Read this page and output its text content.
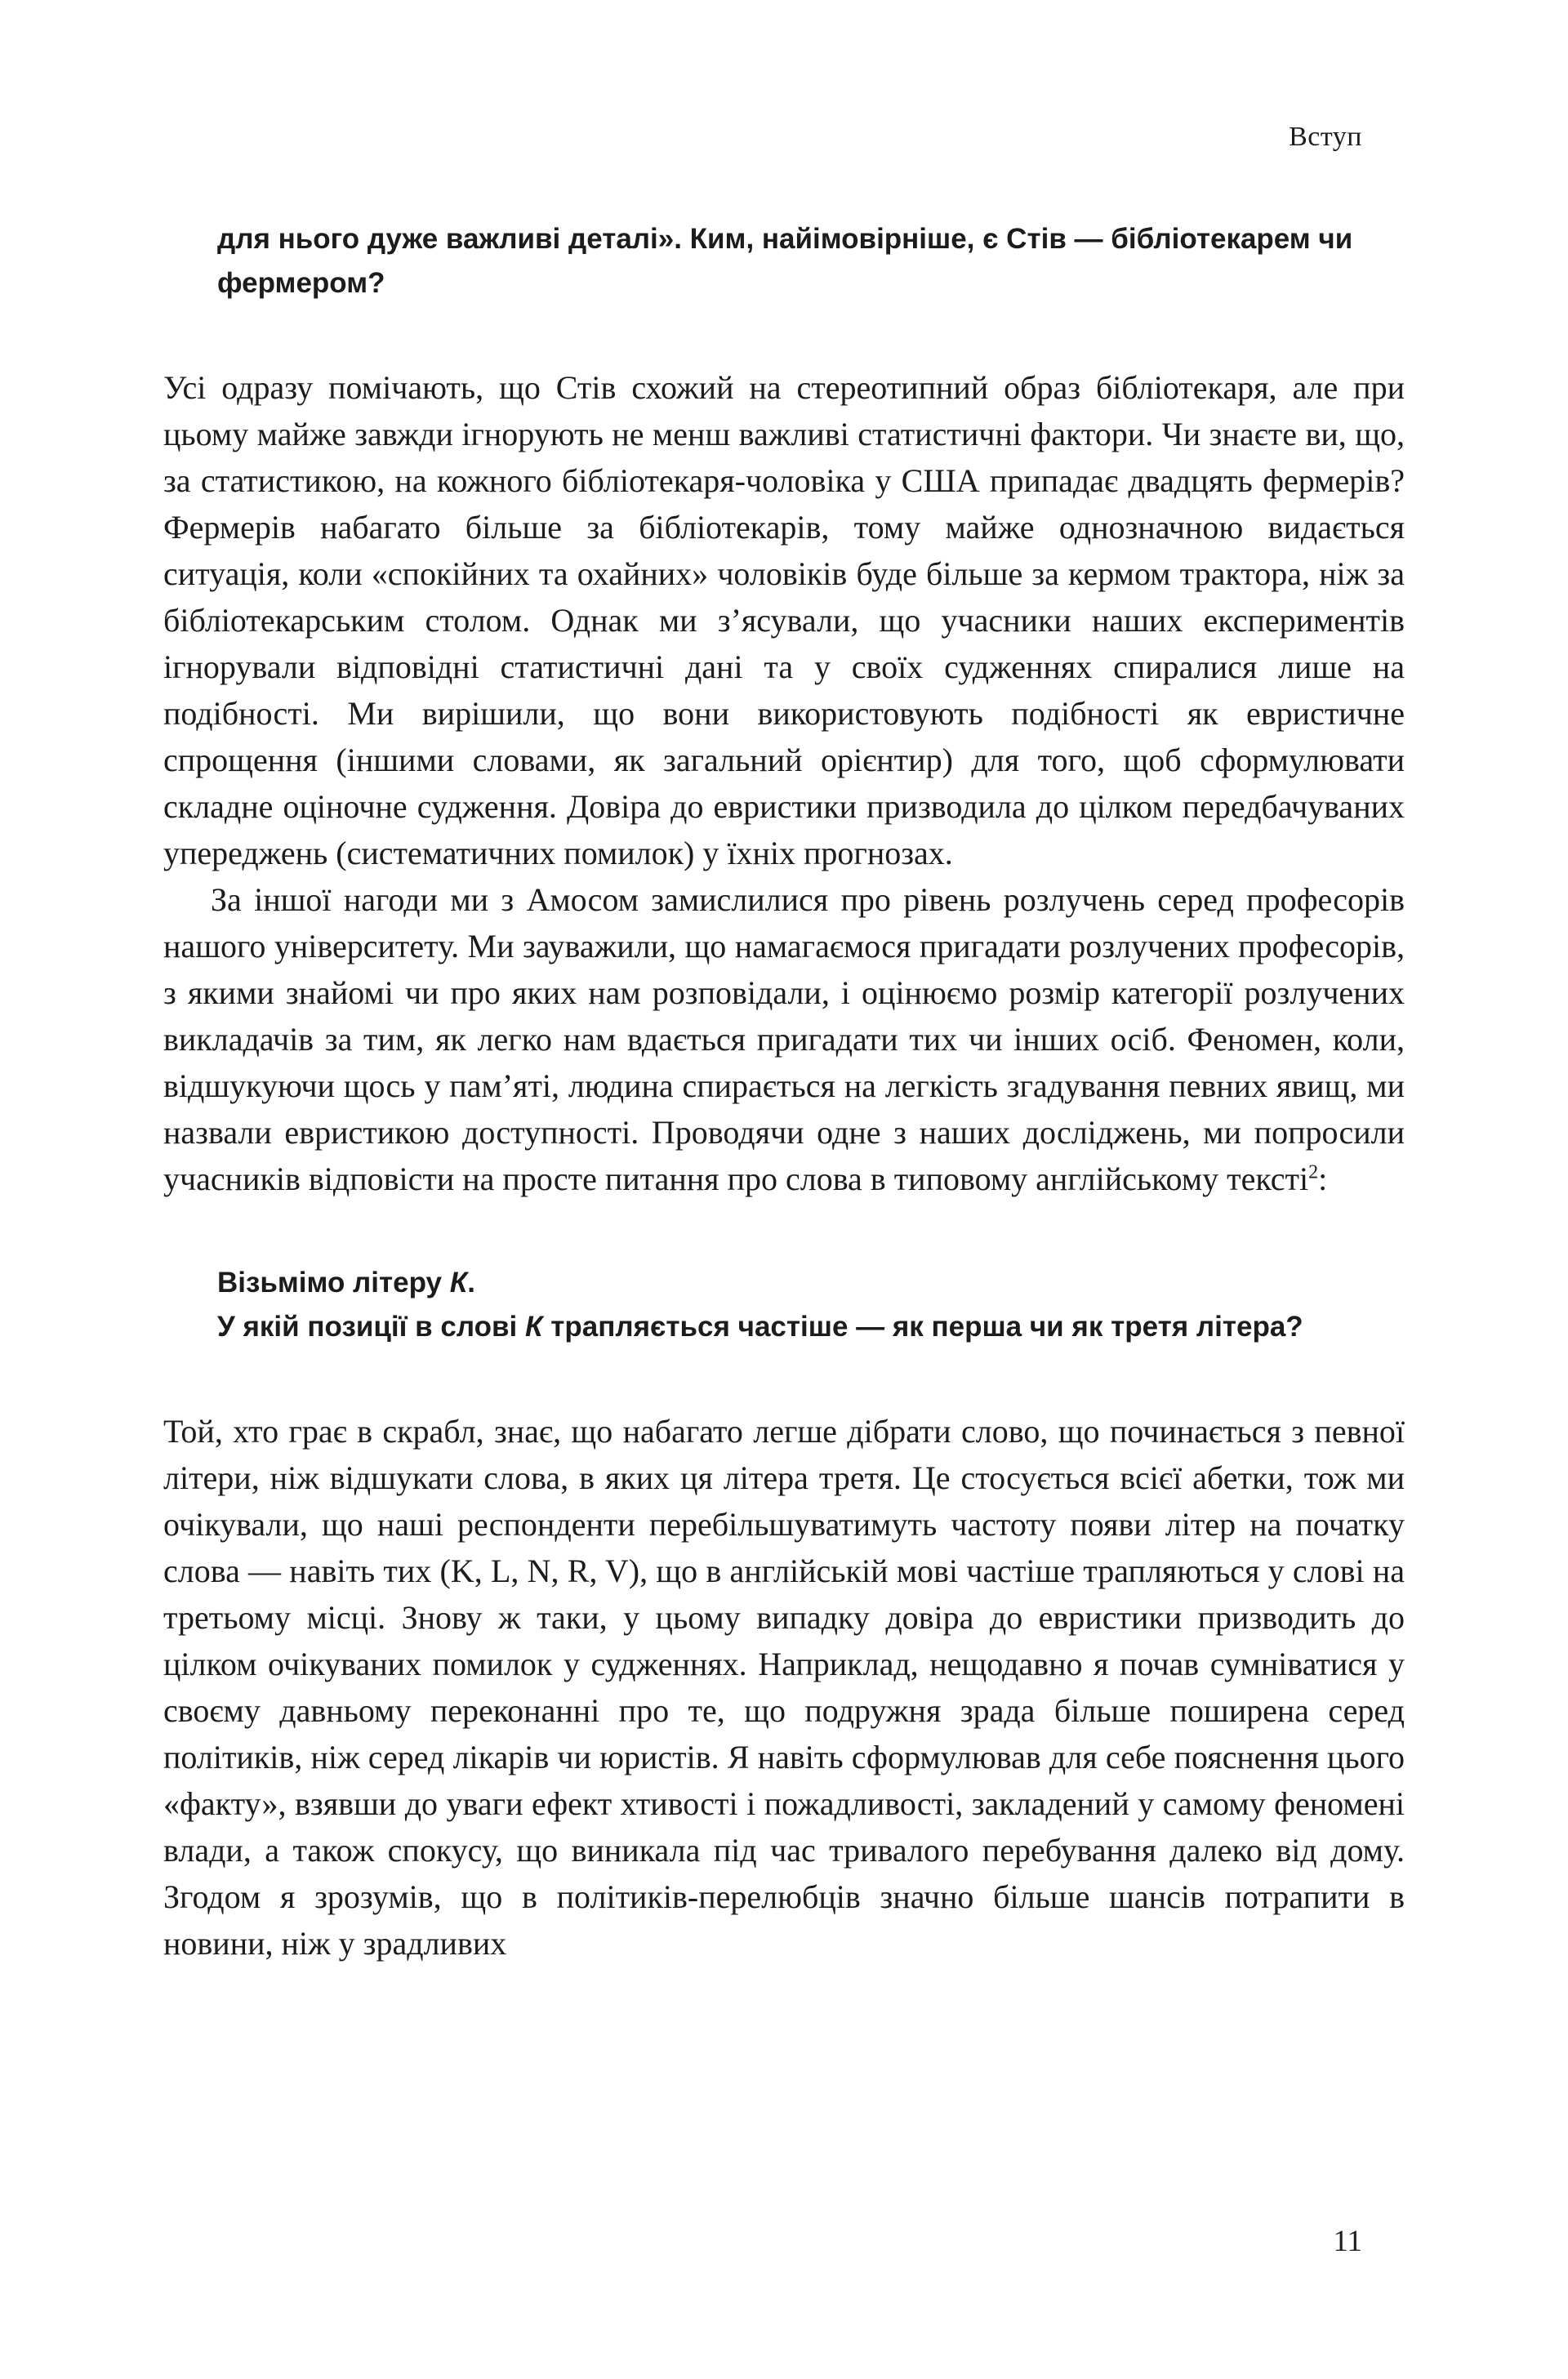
Вступ
для нього дуже важливі деталі». Ким, найімовірніше, є Стів — бібліотекарем чи фермером?

Усі одразу помічають, що Стів схожий на стереотипний образ бібліотекаря, але при цьому майже завжди ігнорують не менш важливі статистичні фактори. Чи знаєте ви, що, за статистикою, на кожного бібліотекаря-чоловіка у США припадає двадцять фермерів? Фермерів набагато більше за бібліотекарів, тому майже однозначною видається ситуація, коли «спокійних та охайних» чоловіків буде більше за кермом трактора, ніж за бібліотекарським столом. Однак ми з’ясували, що учасники наших експериментів ігнорували відповідні статистичні дані та у своїх судженнях спиралися лише на подібності. Ми вирішили, що вони використовують подібності як евристичне спрощення (іншими словами, як загальний орієнтир) для того, щоб сформулювати складне оціночне судження. Довіра до евристики призводила до цілком передбачуваних упереджень (систематичних помилок) у їхніх прогнозах.

За іншої нагоди ми з Амосом замислилися про рівень розлучень серед професорів нашого університету. Ми зауважили, що намагаємося пригадати розлучених професорів, з якими знайомі чи про яких нам розповідали, і оцінюємо розмір категорії розлучених викладачів за тим, як легко нам вдається пригадати тих чи інших осіб. Феномен, коли, відшукуючи щось у пам’яті, людина спирається на легкість згадування певних явищ, ми назвали евристикою доступності. Проводячи одне з наших досліджень, ми попросили учасників відповісти на просте питання про слова в типовому англійському тексті$^2$:

Візьмімо літеру К.
У якій позиції в слові К трапляється частіше — як перша чи як третя літера?

Той, хто грає в скрабл, знає, що набагато легше дібрати слово, що починається з певної літери, ніж відшукати слова, в яких ця літера третя. Це стосується всієї абетки, тож ми очікували, що наші респонденти перебільшуватимуть частоту появи літер на початку слова — навіть тих (K, L, N, R, V), що в англійській мові частіше трапляються у слові на третьому місці. Знову ж таки, у цьому випадку довіра до евристики призводить до цілком очікуваних помилок у судженнях. Наприклад, нещодавно я почав сумніватися у своєму давньому переконанні про те, що подружня зрада більше поширена серед політиків, ніж серед лікарів чи юристів. Я навіть сформулював для себе пояснення цього «факту», взявши до уваги ефект хтивості і пожадливості, закладений у самому феномені влади, а також спокусу, що виникала під час тривалого перебування далеко від дому. Згодом я зрозумів, що в політиків-перелюбців значно більше шансів потрапити в новини, ніж у зрадливих

11
